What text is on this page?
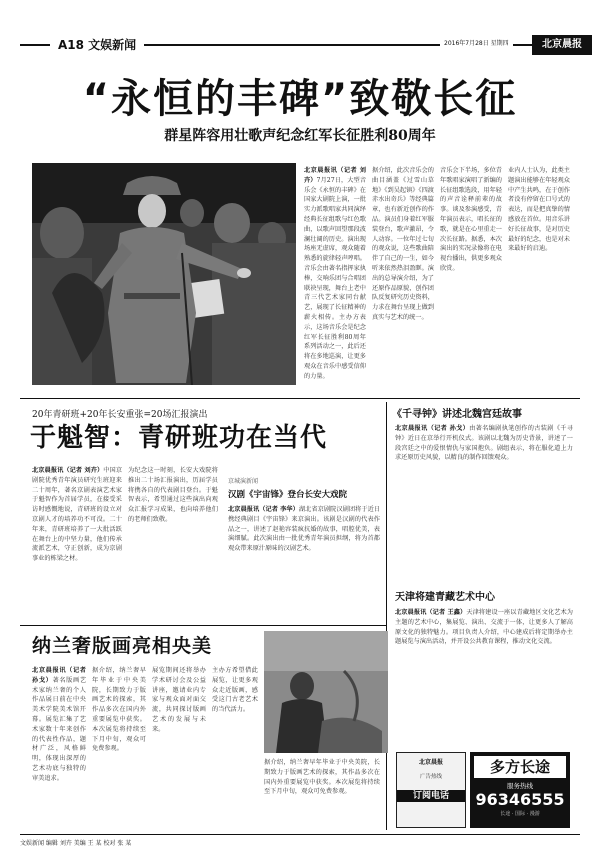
A18 文娱新闻	2016年7月28日 星期四	北京晨报
“永恒的丰碑”致敬长征
群星阵容用壮歌声纪念红军长征胜利80周年
北京晨报讯（记者 刘卉）7月27日，大型音乐会《永恒的丰碑》在国家大剧院上演，一批实力派歌唱家共同演绎经典长征组歌与红色歌曲，以歌声回望那段波澜壮阔的历史。演出现场座无虚席，观众随着熟悉的旋律轻声哼唱。音乐会由著名指挥家执棒，交响乐团与合唱团联袂呈现，舞台上老中青三代艺术家同台献艺，展现了长征精神的薪火相传。主办方表示，这场音乐会是纪念红军长征胜利80周年系列活动之一，此后还将在多地巡演，让更多观众在音乐中感受信仰的力量。
据介绍，此次音乐会的曲目涵盖《过雪山草地》《到吴起镇》《四渡赤水出奇兵》等经典篇章，也有新近创作的作品。演员们身着红军服装登台，歌声激昂，令人动容。一位年过七旬的观众说，这些歌曲陪伴了自己的一生，如今听来依然热泪盈眶。演出的总导演介绍，为了还原作品原貌，创作团队反复研究历史资料，力求在舞台呈现上做到真实与艺术的统一。
音乐会下半场，多位青年歌唱家演唱了新编的长征组歌选段，用年轻的声音诠释前辈的故事。谈及参演感受，青年演员表示，唱长征的歌，就是在心里重走一次长征路。据悉，本次演出的实况录像将在电视台播出，供更多观众欣赏。
业内人士认为，此类主题演出能够在年轻观众中产生共鸣，在于创作者没有停留在口号式的表达，而是把真挚的情感放在首位。用音乐讲好长征故事，是对历史最好的纪念，也是对未来最好的启迪。
20年青研班+20年长安重张=20场汇报演出
于魁智：青研班功在当代
北京晨报讯（记者 刘卉）中国京剧院优秀青年演员研究生班迎来二十周年，著名京剧表演艺术家于魁智作为首届学员，在接受采访时感慨地说，青研班的设立对京剧人才的培养功不可没。二十年来，青研班培养了一大批活跃在舞台上的中坚力量，他们传承流派艺术，守正创新，成为京剧事业的栋梁之材。
为纪念这一时刻，长安大戏院将推出二十场汇报演出，历届学员将携各自的代表剧目登台。于魁智表示，希望通过这些演出向观众汇报学习成果，也向培养他们的老师们致敬。
京城演新闻
汉剧《宇宙锋》登台长安大戏院
北京晨报讯（记者 李华）湖北省京剧院汉剧团将于近日携经典剧目《宇宙锋》来京演出。该剧是汉剧的代表作品之一，讲述了赵艳容装疯抗婚的故事，唱腔优美，表演细腻。此次演出由一批优秀青年演员担纲，将为首都观众带来原汁原味的汉剧艺术。
《千寻钟》讲述北魏宫廷故事
北京晨报讯（记者 孙戈）由著名编剧执笔创作的古装剧《千寻钟》近日在京举行开机仪式。该剧以北魏为历史背景，讲述了一段宫廷之中的爱恨情仇与家国抱负。剧组表示，将在服化道上力求还原历史风貌，以精良的制作回馈观众。
天津将建青藏艺术中心
北京晨报讯（记者 王鑫）天津将建设一座以青藏地区文化艺术为主题的艺术中心，集展览、演出、交流于一体，让更多人了解高原文化的独特魅力。项目负责人介绍，中心建成后将定期举办主题展览与演出活动，并开设公共教育课程，推动文化交流。
纳兰奢版画亮相央美
北京晨报讯（记者 孙戈）著名版画艺术家纳兰奢的个人作品展日前在中央美术学院美术馆开幕。展览汇集了艺术家数十年来创作的代表性作品，题材广泛，风格鲜明，体现出深厚的艺术功底与独特的审美追求。
据介绍，纳兰奢早年毕业于中央美院，长期致力于版画艺术的探索，其作品多次在国内外重要展览中获奖。本次展览将持续至下月中旬，观众可免费参观。
展览期间还将举办学术研讨会及公益讲座，邀请业内专家与观众面对面交流，共同探讨版画艺术的发展与未来。
主办方希望借此展览，让更多观众走近版画，感受这门古老艺术的当代活力。
据介绍，纳兰奢早年毕业于中央美院，长期致力于版画艺术的探索，其作品多次在国内外重要展览中获奖。本次展览将持续至下月中旬，观众可免费参观。
北京晨报
广告热线
订阅电话
多方长途
服务热线
96346555
长途 · 国际 · 漫游
文娱新闻 编辑 刘卉 美编 王 某 校对 张 某
